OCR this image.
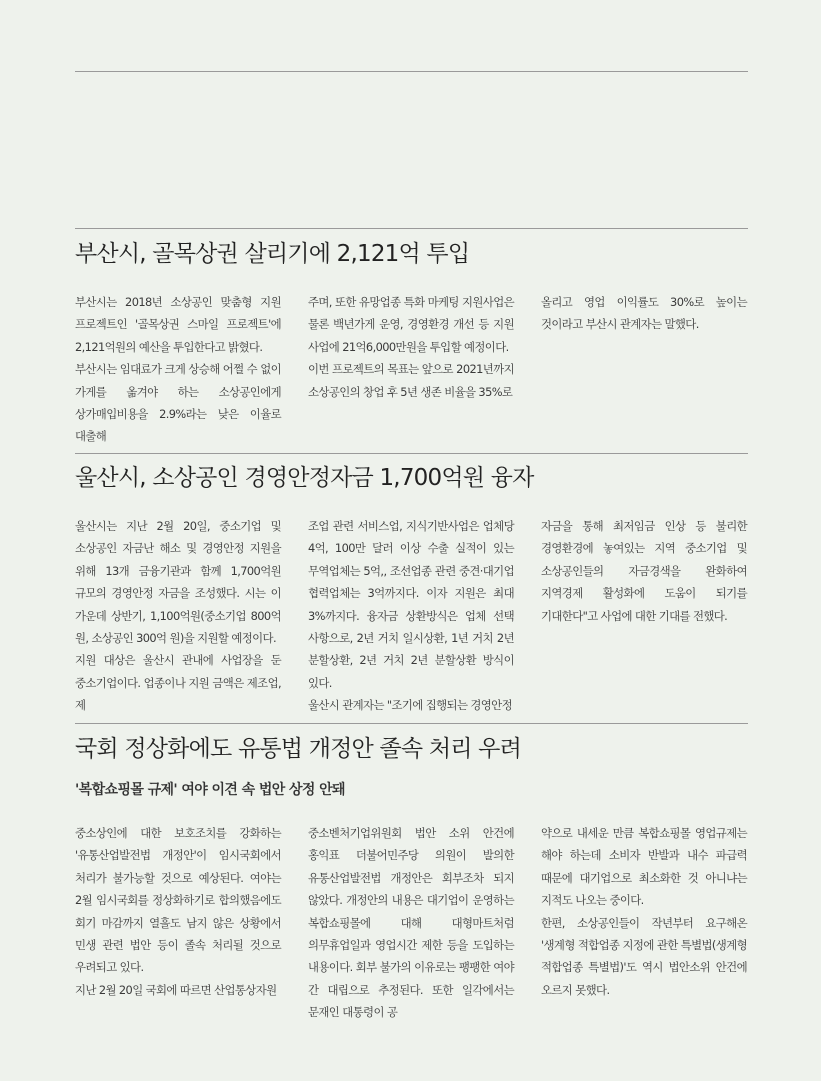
부산시, 골목상권 살리기에 2,121억 투입

부산시는 2018년 소상공인 맞춤형 지원 프로젝트인 '골목상권 스마일 프로젝트'에 2,121억원의 예산을 투입한다고 밝혔다.

부산시는 임대료가 크게 상승해 어쩔 수 없이 가게를 옮겨야 하는 소상공인에게 상가매입비용을 2.9%라는 낮은 이율로 대출해

주며, 또한 유망업종 특화 마케팅 지원사업은 물론 백년가게 운영, 경영환경 개선 등 지원 사업에 21억6,000만원을 투입할 예정이다.

이번 프로젝트의 목표는 앞으로 2021년까지 소상공인의 창업 후 5년 생존 비율을 35%로

올리고 영업 이익률도 30%로 높이는 것이라고 부산시 관계자는 말했다.

울산시, 소상공인 경영안정자금 1,700억원 융자

울산시는 지난 2월 20일, 중소기업 및 소상공인 자금난 해소 및 경영안정 지원을 위해 13개 금융기관과 함께 1,700억원 규모의 경영안정 자금을 조성했다. 시는 이 가운데 상반기, 1,100억원(중소기업 800억 원, 소상공인 300억 원)을 지원할 예정이다.

지원 대상은 울산시 관내에 사업장을 둔 중소기업이다. 업종이나 지원 금액은 제조업, 제

조업 관련 서비스업, 지식기반사업은 업체당 4억, 100만 달러 이상 수출 실적이 있는 무역업체는 5억,, 조선업종 관련 중견·대기업 협력업체는 3억까지다. 이자 지원은 최대 3%까지다. 융자금 상환방식은 업체 선택 사항으로, 2년 거치 일시상환, 1년 거치 2년 분할상환, 2년 거치 2년 분할상환 방식이 있다.

울산시 관계자는 "조기에 집행되는 경영안정

자금을 통해 최저임금 인상 등 불리한 경영환경에 놓여있는 지역 중소기업 및 소상공인들의 자금경색을 완화하여 지역경제 활성화에 도움이 되기를 기대한다"고 사업에 대한 기대를 전했다.

국회 정상화에도 유통법 개정안 졸속 처리 우려
'복합쇼핑몰 규제' 여야 이견 속 법안 상정 안돼

중소상인에 대한 보호조치를 강화하는 '유통산업발전법 개정안'이 임시국회에서 처리가 불가능할 것으로 예상된다. 여야는 2월 임시국회를 정상화하기로 합의했음에도 회기 마감까지 열흘도 남지 않은 상황에서 민생 관련 법안 등이 졸속 처리될 것으로 우려되고 있다.

지난 2월 20일 국회에 따르면 산업통상자원

중소벤처기업위원회 법안 소위 안건에 홍익표 더불어민주당 의원이 발의한 유통산업발전법 개정안은 회부조차 되지 않았다. 개정안의 내용은 대기업이 운영하는 복합쇼핑몰에 대해 대형마트처럼 의무휴업일과 영업시간 제한 등을 도입하는 내용이다. 회부 불가의 이유로는 팽팽한 여야 간 대립으로 추정된다. 또한 일각에서는 문재인 대통령이 공

약으로 내세운 만큼 복합쇼핑몰 영업규제는 해야 하는데 소비자 반발과 내수 파급력 때문에 대기업으로 최소화한 것 아니냐는 지적도 나오는 중이다.

한편, 소상공인들이 작년부터 요구해온 '생계형 적합업종 지정에 관한 특별법(생계형 적합업종 특별법)'도 역시 법안소위 안건에 오르지 못했다.
